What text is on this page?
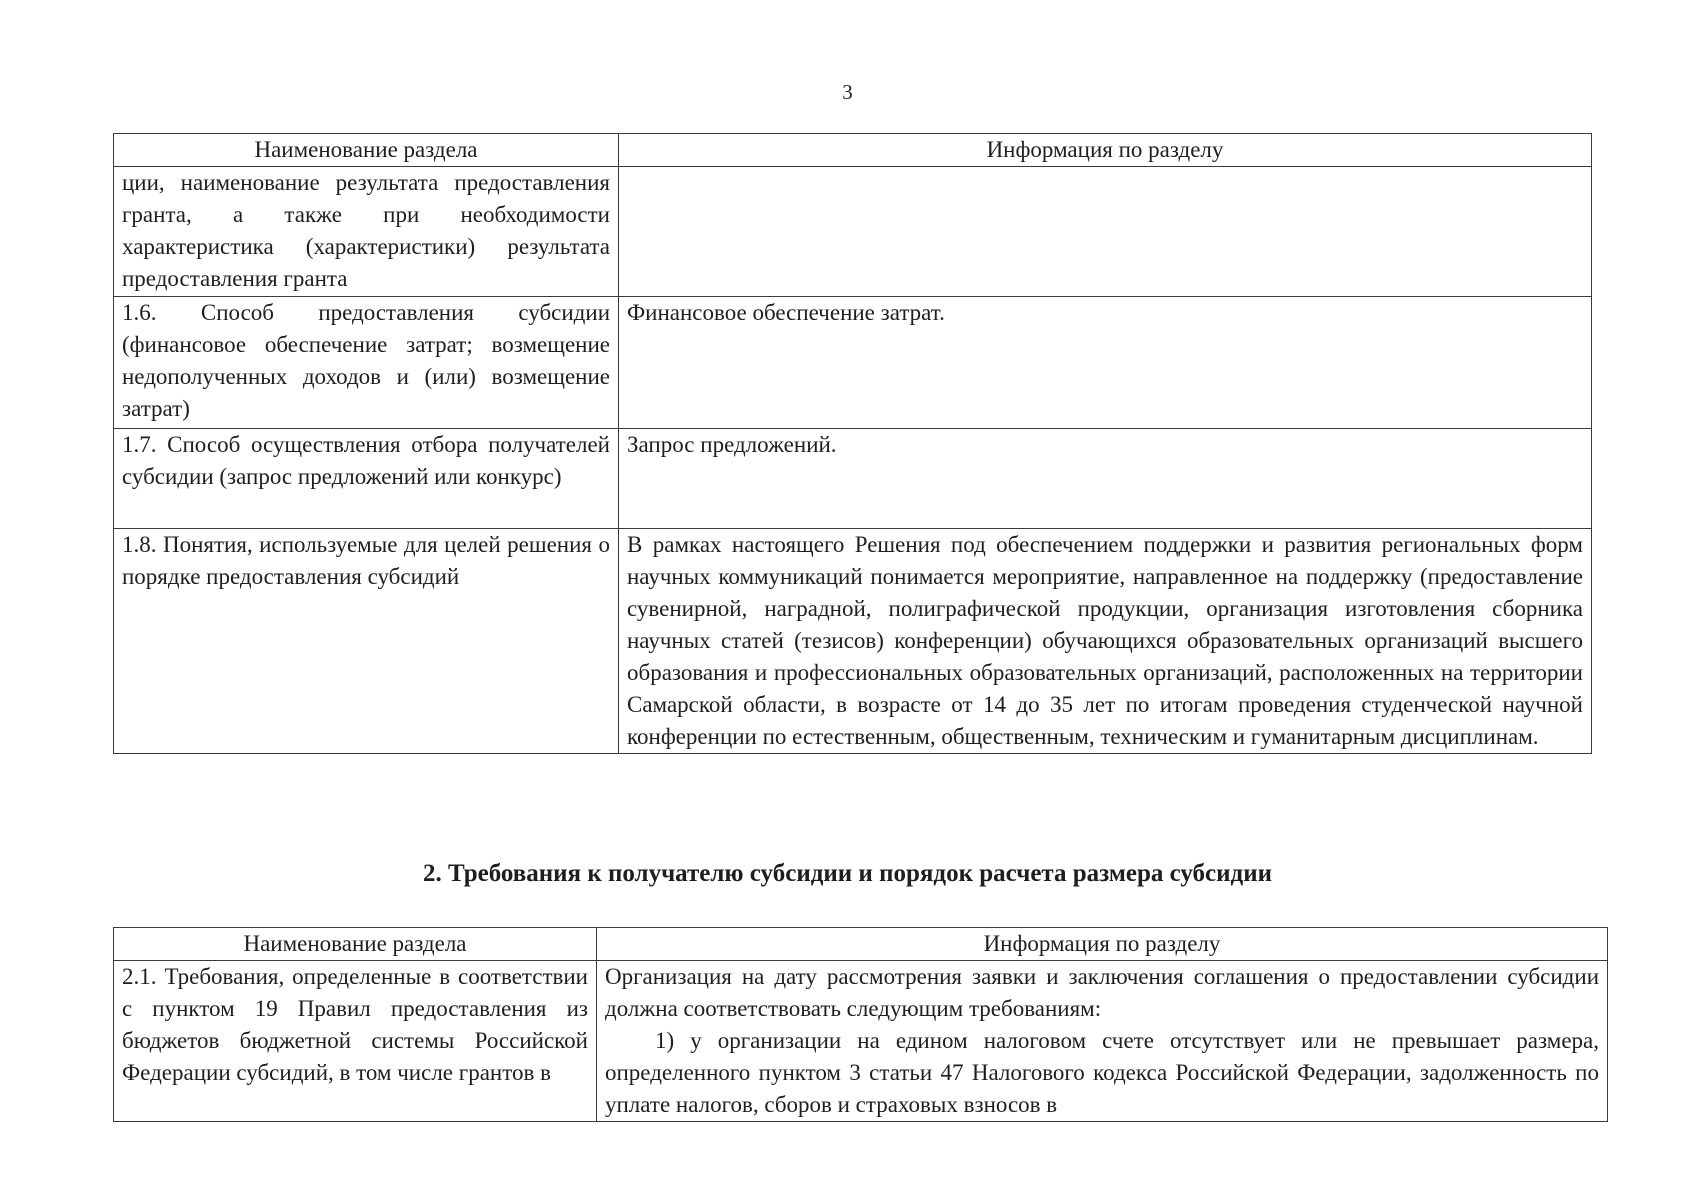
3
Наименование раздела	Информация по разделу
ции, наименование результата предоставления гранта, а также при необходимости характеристика (характеристики) результата предоставления гранта	
1.6. Способ предоставления субсидии (финансовое обеспечение затрат; возмещение недополученных доходов и (или) возмещение затрат)	Финансовое обеспечение затрат.
1.7. Способ осуществления отбора получателей субсидии (запрос предложений или конкурс)	Запрос предложений.
1.8. Понятия, используемые для целей решения о порядке предоставления субсидий	В рамках настоящего Решения под обеспечением поддержки и развития региональных форм научных коммуникаций понимается мероприятие, направленное на поддержку (предоставление сувенирной, наградной, полиграфической продукции, организация изготовления сборника научных статей (тезисов) конференции) обучающихся образовательных организаций высшего образования и профессиональных образовательных организаций, расположенных на территории Самарской области, в возрасте от 14 до 35 лет по итогам проведения студенческой научной конференции по естественным, общественным, техническим и гуманитарным дисциплинам.
2. Требования к получателю субсидии и порядок расчета размера субсидии
Наименование раздела	Информация по разделу
2.1. Требования, определенные в соответствии с пунктом 19 Правил предоставления из бюджетов бюджетной системы Российской Федерации субсидий, в том числе грантов в	Организация на дату рассмотрения заявки и заключения соглашения о предоставлении субсидии должна соответствовать следующим требованиям:
1) у организации на едином налоговом счете отсутствует или не превышает размера, определенного пунктом 3 статьи 47 Налогового кодекса Российской Федерации, задолженность по уплате налогов, сборов и страховых взносов в
